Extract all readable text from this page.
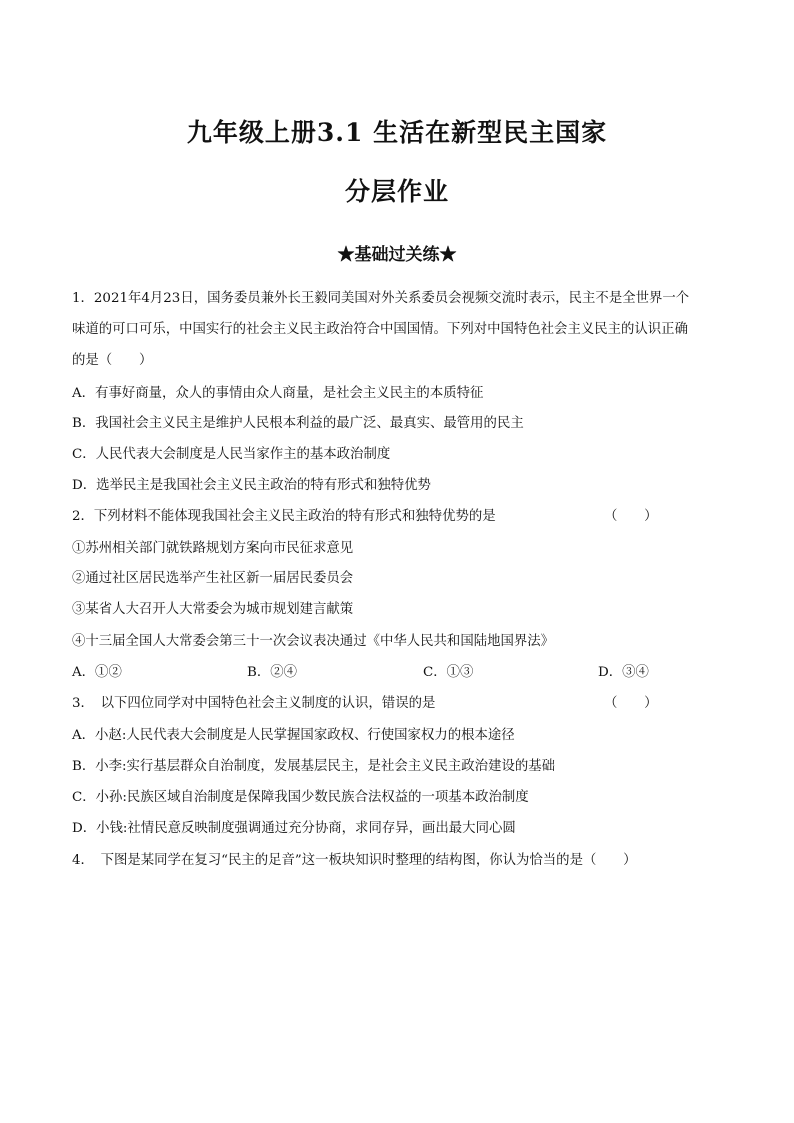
九年级上册3.1 生活在新型民主国家
分层作业
★基础过关练★
1．2021年4月23日，国务委员兼外长王毅同美国对外关系委员会视频交流时表示，民主不是全世界一个
味道的可口可乐，中国实行的社会主义民主政治符合中国国情。下列对中国特色社会主义民主的认识正确
的是（　　）
A．有事好商量，众人的事情由众人商量，是社会主义民主的本质特征
B．我国社会主义民主是维护人民根本利益的最广泛、最真实、最管用的民主
C．人民代表大会制度是人民当家作主的基本政治制度
D．选举民主是我国社会主义民主政治的特有形式和独特优势
2．下列材料不能体现我国社会主义民主政治的特有形式和独特优势的是	（　　）
①苏州相关部门就铁路规划方案向市民征求意见
②通过社区居民选举产生社区新一届居民委员会
③某省人大召开人大常委会为城市规划建言献策
④十三届全国人大常委会第三十一次会议表决通过《中华人民共和国陆地国界法》
A．①②	B．②④	C．①③	D．③④
3．　以下四位同学对中国特色社会主义制度的认识，错误的是	（　　）
A．小赵:人民代表大会制度是人民掌握国家政权、行使国家权力的根本途径
B．小李:实行基层群众自治制度，发展基层民主，是社会主义民主政治建设的基础
C．小孙:民族区域自治制度是保障我国少数民族合法权益的一项基本政治制度
D．小钱:社情民意反映制度强调通过充分协商，求同存异，画出最大同心圆
4．　下图是某同学在复习“民主的足音”这一板块知识时整理的结构图，你认为恰当的是（　　）
